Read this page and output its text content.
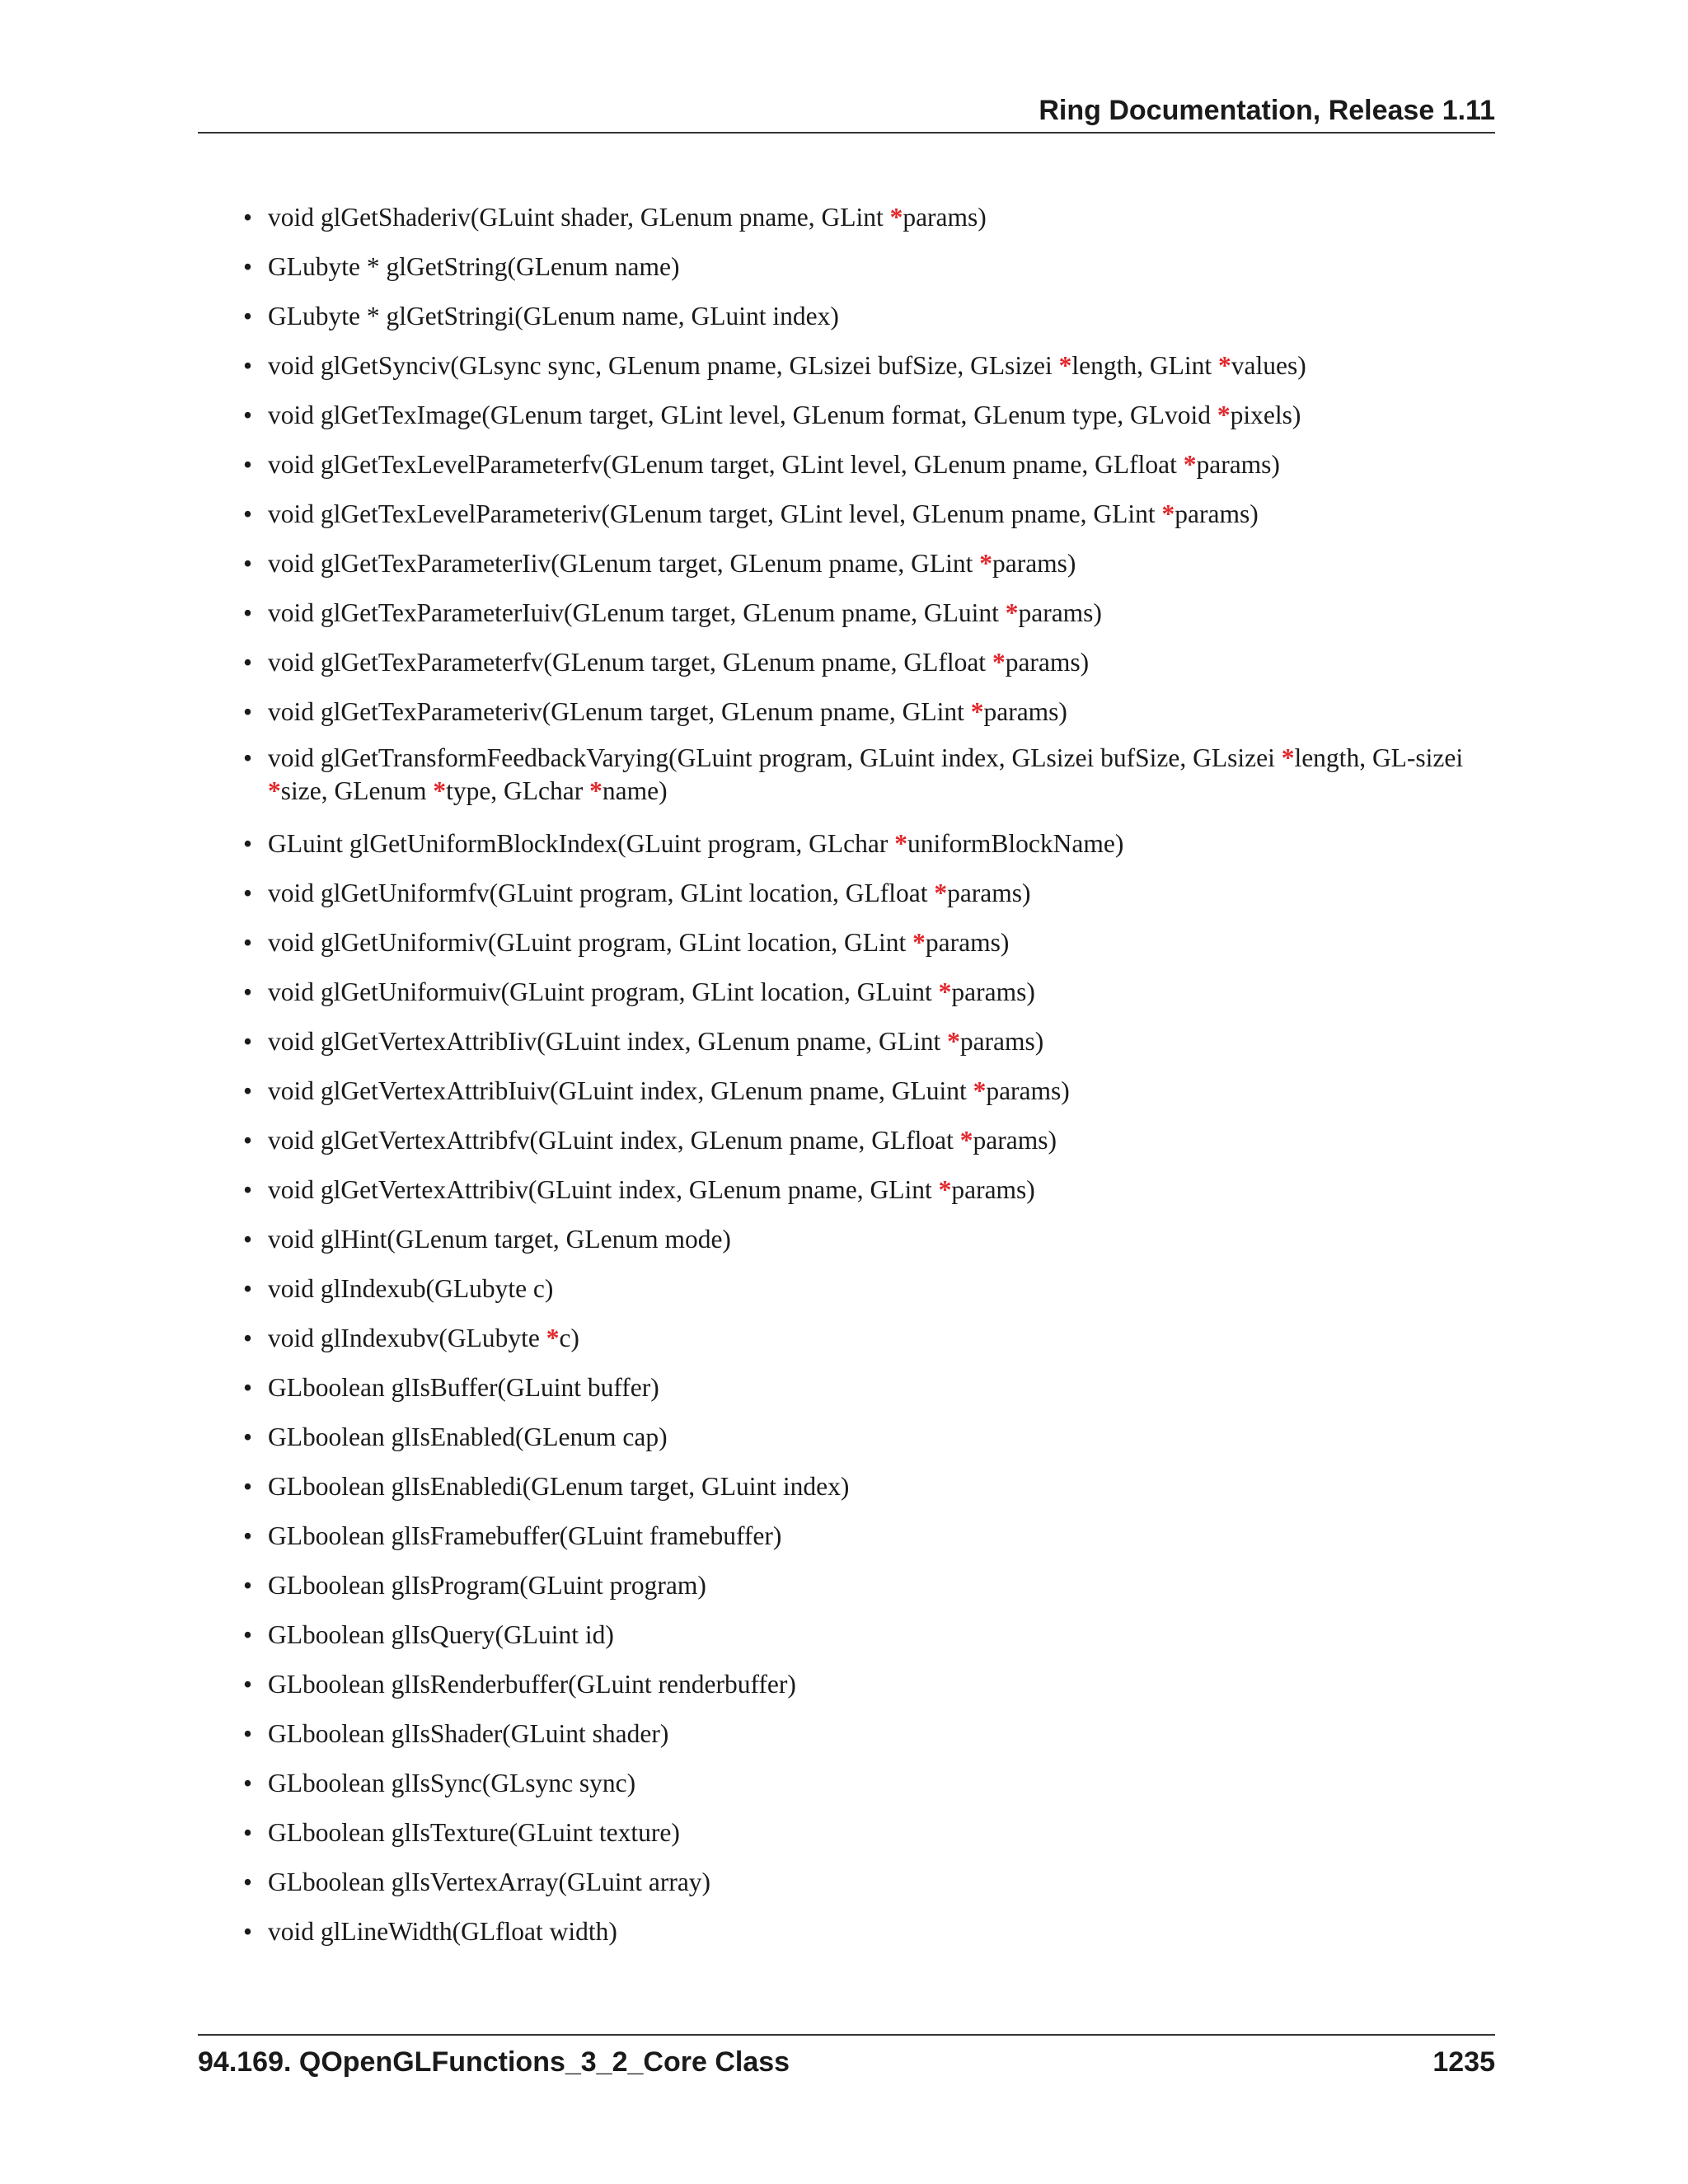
Ring Documentation, Release 1.11
• void glGetShaderiv(GLuint shader, GLenum pname, GLint *params)
• GLubyte * glGetString(GLenum name)
• GLubyte * glGetStringi(GLenum name, GLuint index)
• void glGetSynciv(GLsync sync, GLenum pname, GLsizei bufSize, GLsizei *length, GLint *values)
• void glGetTexImage(GLenum target, GLint level, GLenum format, GLenum type, GLvoid *pixels)
• void glGetTexLevelParameterfv(GLenum target, GLint level, GLenum pname, GLfloat *params)
• void glGetTexLevelParameteriv(GLenum target, GLint level, GLenum pname, GLint *params)
• void glGetTexParameterIiv(GLenum target, GLenum pname, GLint *params)
• void glGetTexParameterIuiv(GLenum target, GLenum pname, GLuint *params)
• void glGetTexParameterfv(GLenum target, GLenum pname, GLfloat *params)
• void glGetTexParameteriv(GLenum target, GLenum pname, GLint *params)
• void glGetTransformFeedbackVarying(GLuint program, GLuint index, GLsizei bufSize, GLsizei *length, GL-sizei *size, GLenum *type, GLchar *name)
• GLuint glGetUniformBlockIndex(GLuint program, GLchar *uniformBlockName)
• void glGetUniformfv(GLuint program, GLint location, GLfloat *params)
• void glGetUniformiv(GLuint program, GLint location, GLint *params)
• void glGetUniformuiv(GLuint program, GLint location, GLuint *params)
• void glGetVertexAttribIiv(GLuint index, GLenum pname, GLint *params)
• void glGetVertexAttribIuiv(GLuint index, GLenum pname, GLuint *params)
• void glGetVertexAttribfv(GLuint index, GLenum pname, GLfloat *params)
• void glGetVertexAttribiv(GLuint index, GLenum pname, GLint *params)
• void glHint(GLenum target, GLenum mode)
• void glIndexub(GLubyte c)
• void glIndexubv(GLubyte *c)
• GLboolean glIsBuffer(GLuint buffer)
• GLboolean glIsEnabled(GLenum cap)
• GLboolean glIsEnabledi(GLenum target, GLuint index)
• GLboolean glIsFramebuffer(GLuint framebuffer)
• GLboolean glIsProgram(GLuint program)
• GLboolean glIsQuery(GLuint id)
• GLboolean glIsRenderbuffer(GLuint renderbuffer)
• GLboolean glIsShader(GLuint shader)
• GLboolean glIsSync(GLsync sync)
• GLboolean glIsTexture(GLuint texture)
• GLboolean glIsVertexArray(GLuint array)
• void glLineWidth(GLfloat width)
94.169. QOpenGLFunctions_3_2_Core Class	1235
